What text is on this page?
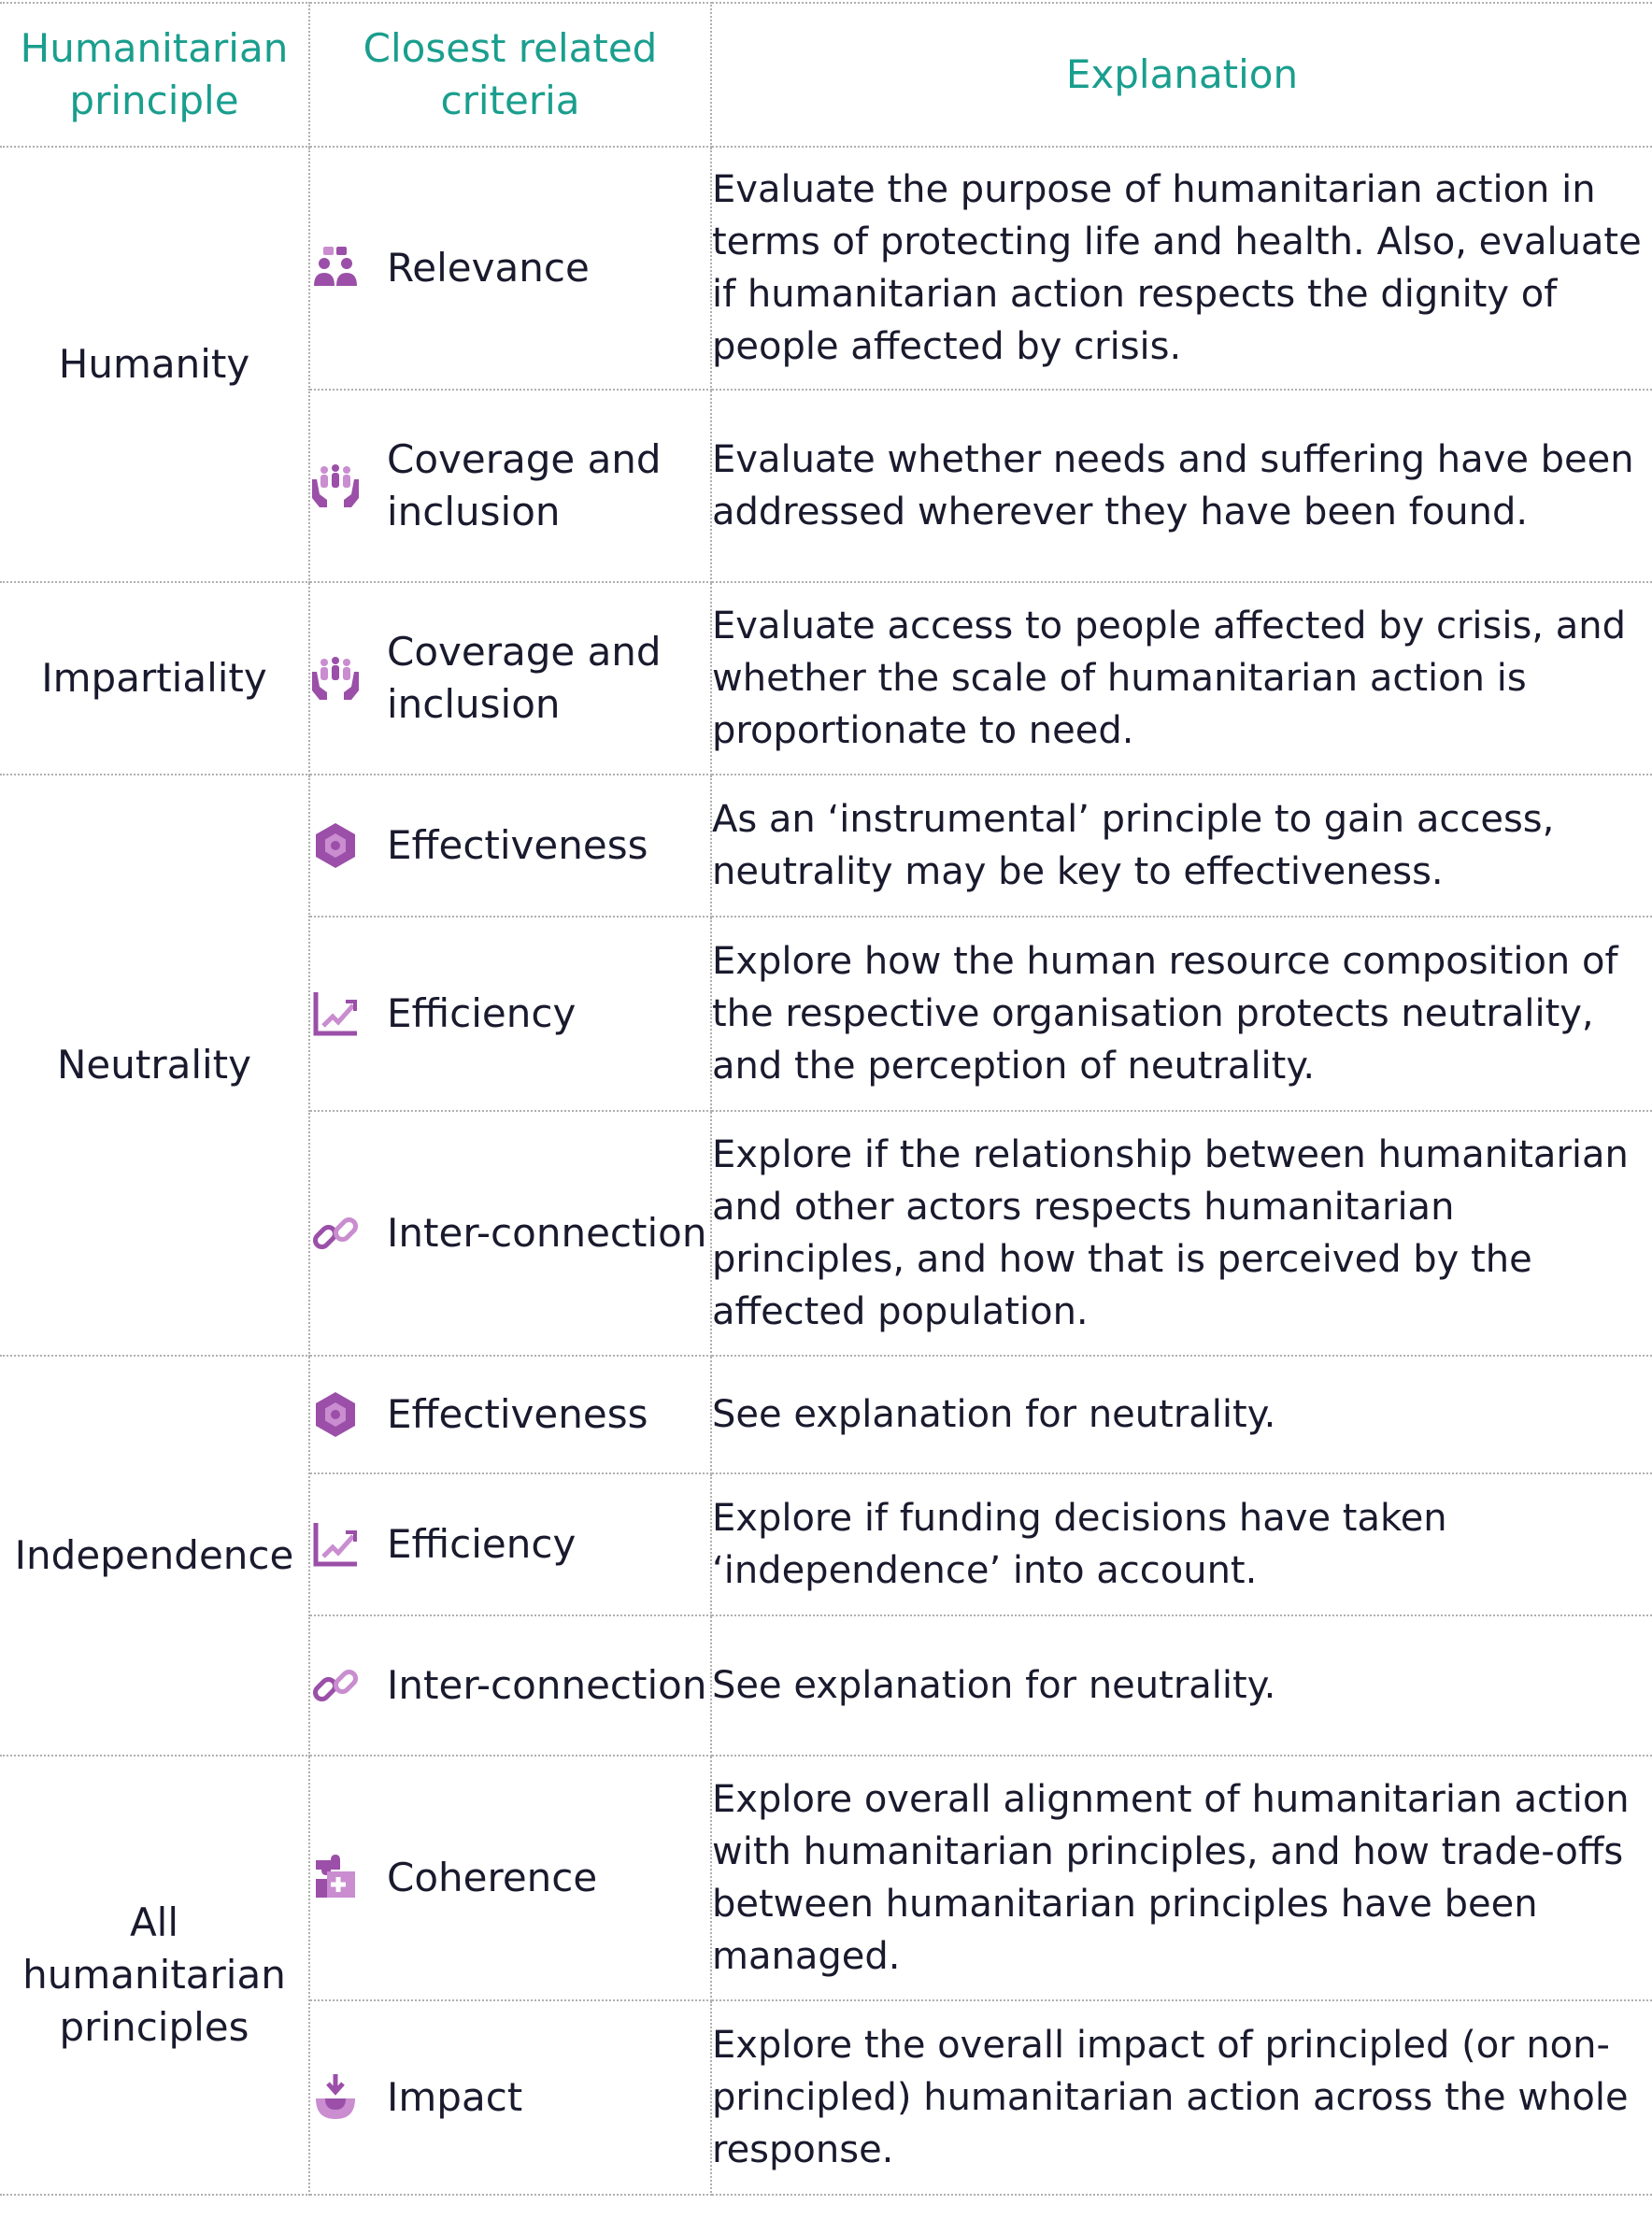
Humanitarian principle	Closest related criteria	Explanation
Humanity	Relevance	Evaluate the purpose of humanitarian action in terms of protecting life and health. Also, evaluate if humanitarian action respects the dignity of people affected by crisis.

	Coverage and inclusion	Evaluate whether needs and suffering have been addressed wherever they have been found.
Impartiality	Coverage and inclusion	Evaluate access to people affected by crisis, and whether the scale of humanitarian action is proportionate to need.
Neutrality	Effectiveness	As an ‘instrumental’ principle to gain access, neutrality may be key to effectiveness.

	Efficiency	Explore how the human resource composition of the respective organisation protects neutrality, and the perception of neutrality.

	Inter-connection	Explore if the relationship between humanitarian and other actors respects humanitarian principles, and how that is perceived by the affected population.
Independence	Effectiveness	See explanation for neutrality.

	Efficiency	Explore if funding decisions have taken ‘independence’ into account.

	Inter-connection	See explanation for neutrality.
All humanitarian principles	Coherence	Explore overall alignment of humanitarian action with humanitarian principles, and how trade-offs between humanitarian principles have been managed.

	Impact	Explore the overall impact of principled (or non-principled) humanitarian action across the whole response.
